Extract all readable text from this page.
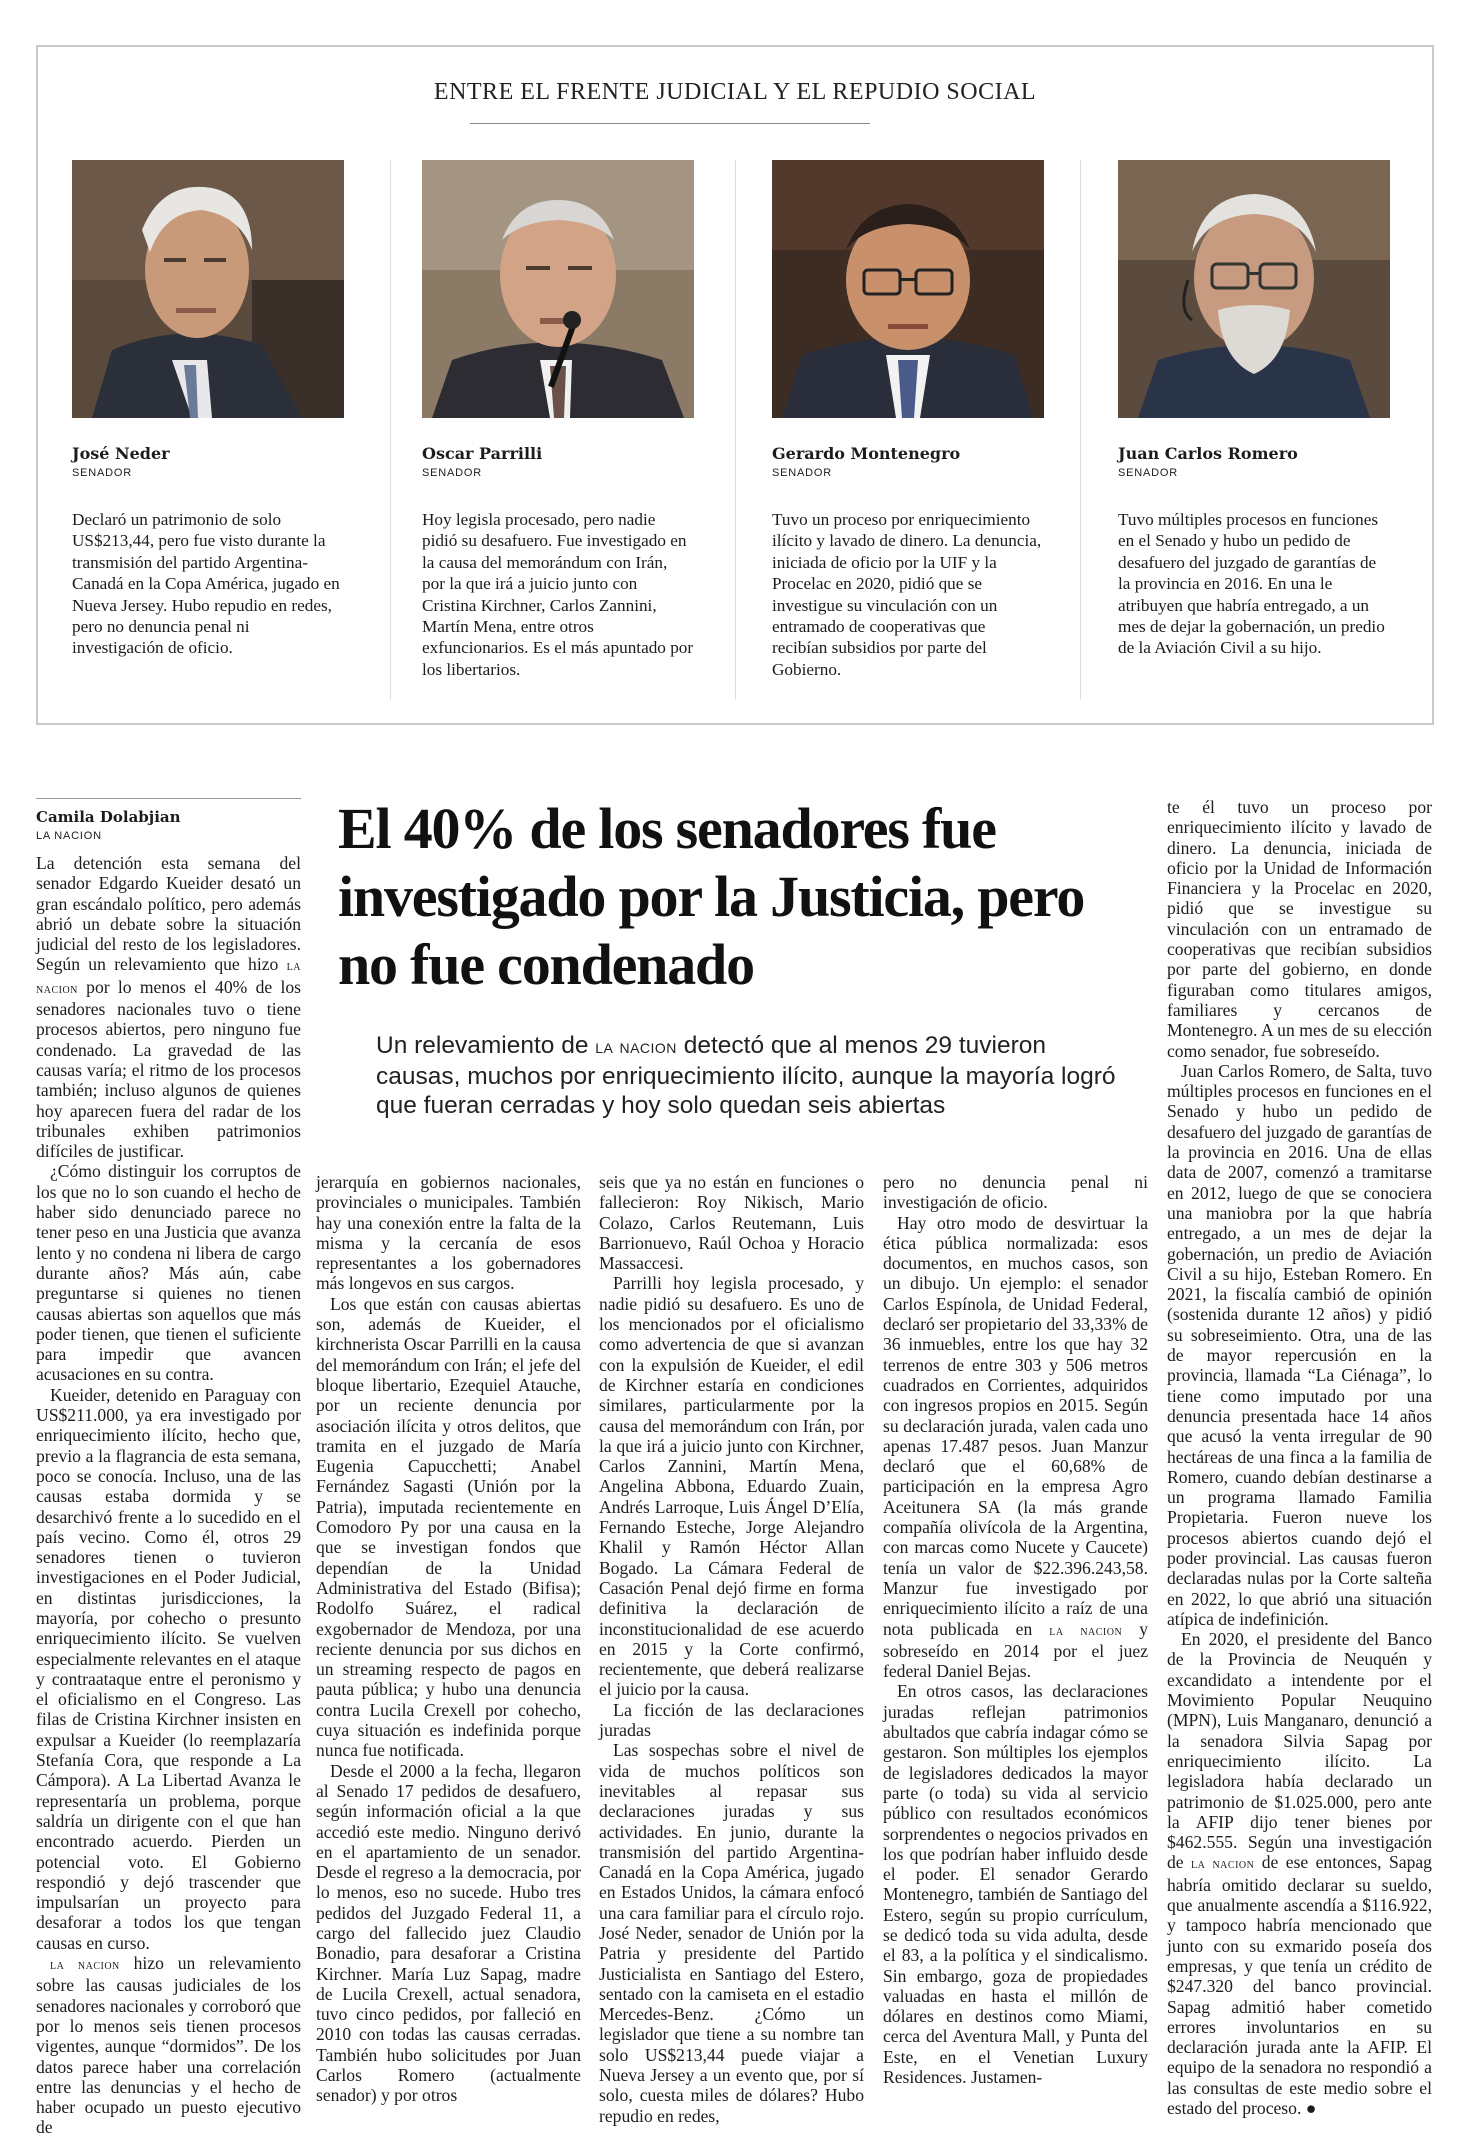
ENTRE EL FRENTE JUDICIAL Y EL REPUDIO SOCIAL
José Neder
SENADOR
Declaró un patrimonio de solo US$213,44, pero fue visto durante la transmisión del partido Argentina-Canadá en la Copa América, jugado en Nueva Jersey. Hubo repudio en redes, pero no denuncia penal ni investigación de oficio.
Oscar Parrilli
SENADOR
Hoy legisla procesado, pero nadie pidió su desafuero. Fue investigado en la causa del memorándum con Irán, por la que irá a juicio junto con Cristina Kirchner, Carlos Zannini, Martín Mena, entre otros exfuncionarios. Es el más apuntado por los libertarios.
Gerardo Montenegro
SENADOR
Tuvo un proceso por enriquecimiento ilícito y lavado de dinero. La denuncia, iniciada de oficio por la UIF y la Procelac en 2020, pidió que se investigue su vinculación con un entramado de cooperativas que recibían subsidios por parte del Gobierno.
Juan Carlos Romero
SENADOR
Tuvo múltiples procesos en funciones en el Senado y hubo un pedido de desafuero del juzgado de garantías de la provincia en 2016. En una le atribuyen que habría entregado, a un mes de dejar la gobernación, un predio de la Aviación Civil a su hijo.
Camila Dolabjian
LA NACION	El 40% de los senadores fue investigado por la Justicia, pero no fue condenado

Un relevamiento de la nacion detectó que al menos 29 tuvieron causas, muchos por enriquecimiento ilícito, aunque la mayoría logró que fueran cerradas y hoy solo quedan seis abiertas

La detención esta semana del senador Edgardo Kueider desató un gran escándalo político, pero además abrió un debate sobre la situación judicial del resto de los legisladores. Según un relevamiento que hizo la nacion por lo menos el 40% de los senadores nacionales tuvo o tiene procesos abiertos, pero ninguno fue condenado. La gravedad de las causas varía; el ritmo de los procesos también; incluso algunos de quienes hoy aparecen fuera del radar de los tribunales exhiben patrimonios difíciles de justificar.

¿Cómo distinguir los corruptos de los que no lo son cuando el hecho de haber sido denunciado parece no tener peso en una Justicia que avanza lento y no condena ni libera de cargo durante años? Más aún, cabe preguntarse si quienes no tienen causas abiertas son aquellos que más poder tienen, que tienen el suficiente para impedir que avancen acusaciones en su contra.

Kueider, detenido en Paraguay con US$211.000, ya era investigado por enriquecimiento ilícito, hecho que, previo a la flagrancia de esta semana, poco se conocía. Incluso, una de las causas estaba dormida y se desarchivó frente a lo sucedido en el país vecino. Como él, otros 29 senadores tienen o tuvieron investigaciones en el Poder Judicial, en distintas jurisdicciones, la mayoría, por cohecho o presunto enriquecimiento ilícito. Se vuelven especialmente relevantes en el ataque y contraataque entre el peronismo y el oficialismo en el Congreso. Las filas de Cristina Kirchner insisten en expulsar a Kueider (lo reemplazaría Stefanía Cora, que responde a La Cámpora). A La Libertad Avanza le representaría un problema, porque saldría un dirigente con el que han encontrado acuerdo. Pierden un potencial voto. El Gobierno respondió y dejó trascender que impulsarían un proyecto para desaforar a todos los que tengan causas en curso.

la nacion hizo un relevamiento sobre las causas judiciales de los senadores nacionales y corroboró que por lo menos seis tienen procesos vigentes, aunque “dormidos”. De los datos parece haber una correlación entre las denuncias y el hecho de haber ocupado un puesto ejecutivo de

jerarquía en gobiernos nacionales, provinciales o municipales. También hay una conexión entre la falta de la misma y la cercanía de esos representantes a los gobernadores más longevos en sus cargos.

Los que están con causas abiertas son, además de Kueider, el kirchnerista Oscar Parrilli en la causa del memorándum con Irán; el jefe del bloque libertario, Ezequiel Atauche, por un reciente denuncia por asociación ilícita y otros delitos, que tramita en el juzgado de María Eugenia Capucchetti; Anabel Fernández Sagasti (Unión por la Patria), imputada recientemente en Comodoro Py por una causa en la que se investigan fondos que dependían de la Unidad Administrativa del Estado (Bifisa); Rodolfo Suárez, el radical exgobernador de Mendoza, por una reciente denuncia por sus dichos en un streaming respecto de pagos en pauta pública; y hubo una denuncia contra Lucila Crexell por cohecho, cuya situación es indefinida porque nunca fue notificada.

Desde el 2000 a la fecha, llegaron al Senado 17 pedidos de desafuero, según información oficial a la que accedió este medio. Ninguno derivó en el apartamiento de un senador. Desde el regreso a la democracia, por lo menos, eso no sucede. Hubo tres pedidos del Juzgado Federal 11, a cargo del fallecido juez Claudio Bonadio, para desaforar a Cristina Kirchner. María Luz Sapag, madre de Lucila Crexell, actual senadora, tuvo cinco pedidos, por falleció en 2010 con todas las causas cerradas. También hubo solicitudes por Juan Carlos Romero (actualmente senador) y por otros

seis que ya no están en funciones o fallecieron: Roy Nikisch, Mario Colazo, Carlos Reutemann, Luis Barrionuevo, Raúl Ochoa y Horacio Massaccesi.

Parrilli hoy legisla procesado, y nadie pidió su desafuero. Es uno de los mencionados por el oficialismo como advertencia de que si avanzan con la expulsión de Kueider, el edil de Kirchner estaría en condiciones similares, particularmente por la causa del memorándum con Irán, por la que irá a juicio junto con Kirchner, Carlos Zannini, Martín Mena, Angelina Abbona, Eduardo Zuain, Andrés Larroque, Luis Ángel D’Elía, Fernando Esteche, Jorge Alejandro Khalil y Ramón Héctor Allan Bogado. La Cámara Federal de Casación Penal dejó firme en forma definitiva la declaración de inconstitucionalidad de ese acuerdo en 2015 y la Corte confirmó, recientemente, que deberá realizarse el juicio por la causa.

La ficción de las declaraciones juradas

Las sospechas sobre el nivel de vida de muchos políticos son inevitables al repasar sus declaraciones juradas y sus actividades. En junio, durante la transmisión del partido Argentina-Canadá en la Copa América, jugado en Estados Unidos, la cámara enfocó una cara familiar para el círculo rojo. José Neder, senador de Unión por la Patria y presidente del Partido Justicialista en Santiago del Estero, sentado con la camiseta en el estadio Mercedes-Benz. ¿Cómo un legislador que tiene a su nombre tan solo US$213,44 puede viajar a Nueva Jersey a un evento que, por sí solo, cuesta miles de dólares? Hubo repudio en redes,

pero no denuncia penal ni investigación de oficio.

Hay otro modo de desvirtuar la ética pública normalizada: esos documentos, en muchos casos, son un dibujo. Un ejemplo: el senador Carlos Espínola, de Unidad Federal, declaró ser propietario del 33,33% de 36 inmuebles, entre los que hay 32 terrenos de entre 303 y 506 metros cuadrados en Corrientes, adquiridos con ingresos propios en 2015. Según su declaración jurada, valen cada uno apenas 17.487 pesos. Juan Manzur declaró que el 60,68% de participación en la empresa Agro Aceitunera SA (la más grande compañía olivícola de la Argentina, con marcas como Nucete y Caucete) tenía un valor de $22.396.243,58. Manzur fue investigado por enriquecimiento ilícito a raíz de una nota publicada en la nacion y sobreseído en 2014 por el juez federal Daniel Bejas.

En otros casos, las declaraciones juradas reflejan patrimonios abultados que cabría indagar cómo se gestaron. Son múltiples los ejemplos de legisladores dedicados la mayor parte (o toda) su vida al servicio público con resultados económicos sorprendentes o negocios privados en los que podrían haber influido desde el poder. El senador Gerardo Montenegro, también de Santiago del Estero, según su propio currículum, se dedicó toda su vida adulta, desde el 83, a la política y el sindicalismo. Sin embargo, goza de propiedades valuadas en hasta el millón de dólares en destinos como Miami, cerca del Aventura Mall, y Punta del Este, en el Venetian Luxury Residences. Justamen-

te él tuvo un proceso por enriquecimiento ilícito y lavado de dinero. La denuncia, iniciada de oficio por la Unidad de Información Financiera y la Procelac en 2020, pidió que se investigue su vinculación con un entramado de cooperativas que recibían subsidios por parte del gobierno, en donde figuraban como titulares amigos, familiares y cercanos de Montenegro. A un mes de su elección como senador, fue sobreseído.

Juan Carlos Romero, de Salta, tuvo múltiples procesos en funciones en el Senado y hubo un pedido de desafuero del juzgado de garantías de la provincia en 2016. Una de ellas data de 2007, comenzó a tramitarse en 2012, luego de que se conociera una maniobra por la que habría entregado, a un mes de dejar la gobernación, un predio de Aviación Civil a su hijo, Esteban Romero. En 2021, la fiscalía cambió de opinión (sostenida durante 12 años) y pidió su sobreseimiento. Otra, una de las de mayor repercusión en la provincia, llamada “La Ciénaga”, lo tiene como imputado por una denuncia presentada hace 14 años que acusó la venta irregular de 90 hectáreas de una finca a la familia de Romero, cuando debían destinarse a un programa llamado Familia Propietaria. Fueron nueve los procesos abiertos cuando dejó el poder provincial. Las causas fueron declaradas nulas por la Corte salteña en 2022, lo que abrió una situación atípica de indefinición.

En 2020, el presidente del Banco de la Provincia de Neuquén y excandidato a intendente por el Movimiento Popular Neuquino (MPN), Luis Manganaro, denunció a la senadora Silvia Sapag por enriquecimiento ilícito. La legisladora había declarado un patrimonio de $1.025.000, pero ante la AFIP dijo tener bienes por $462.555. Según una investigación de la nacion de ese entonces, Sapag habría omitido declarar su sueldo, que anualmente ascendía a $116.922, y tampoco habría mencionado que junto con su exmarido poseía dos empresas, y que tenía un crédito de $247.320 del banco provincial. Sapag admitió haber cometido errores involuntarios en su declaración jurada ante la AFIP. El equipo de la senadora no respondió a las consultas de este medio sobre el estado del proceso. ●
